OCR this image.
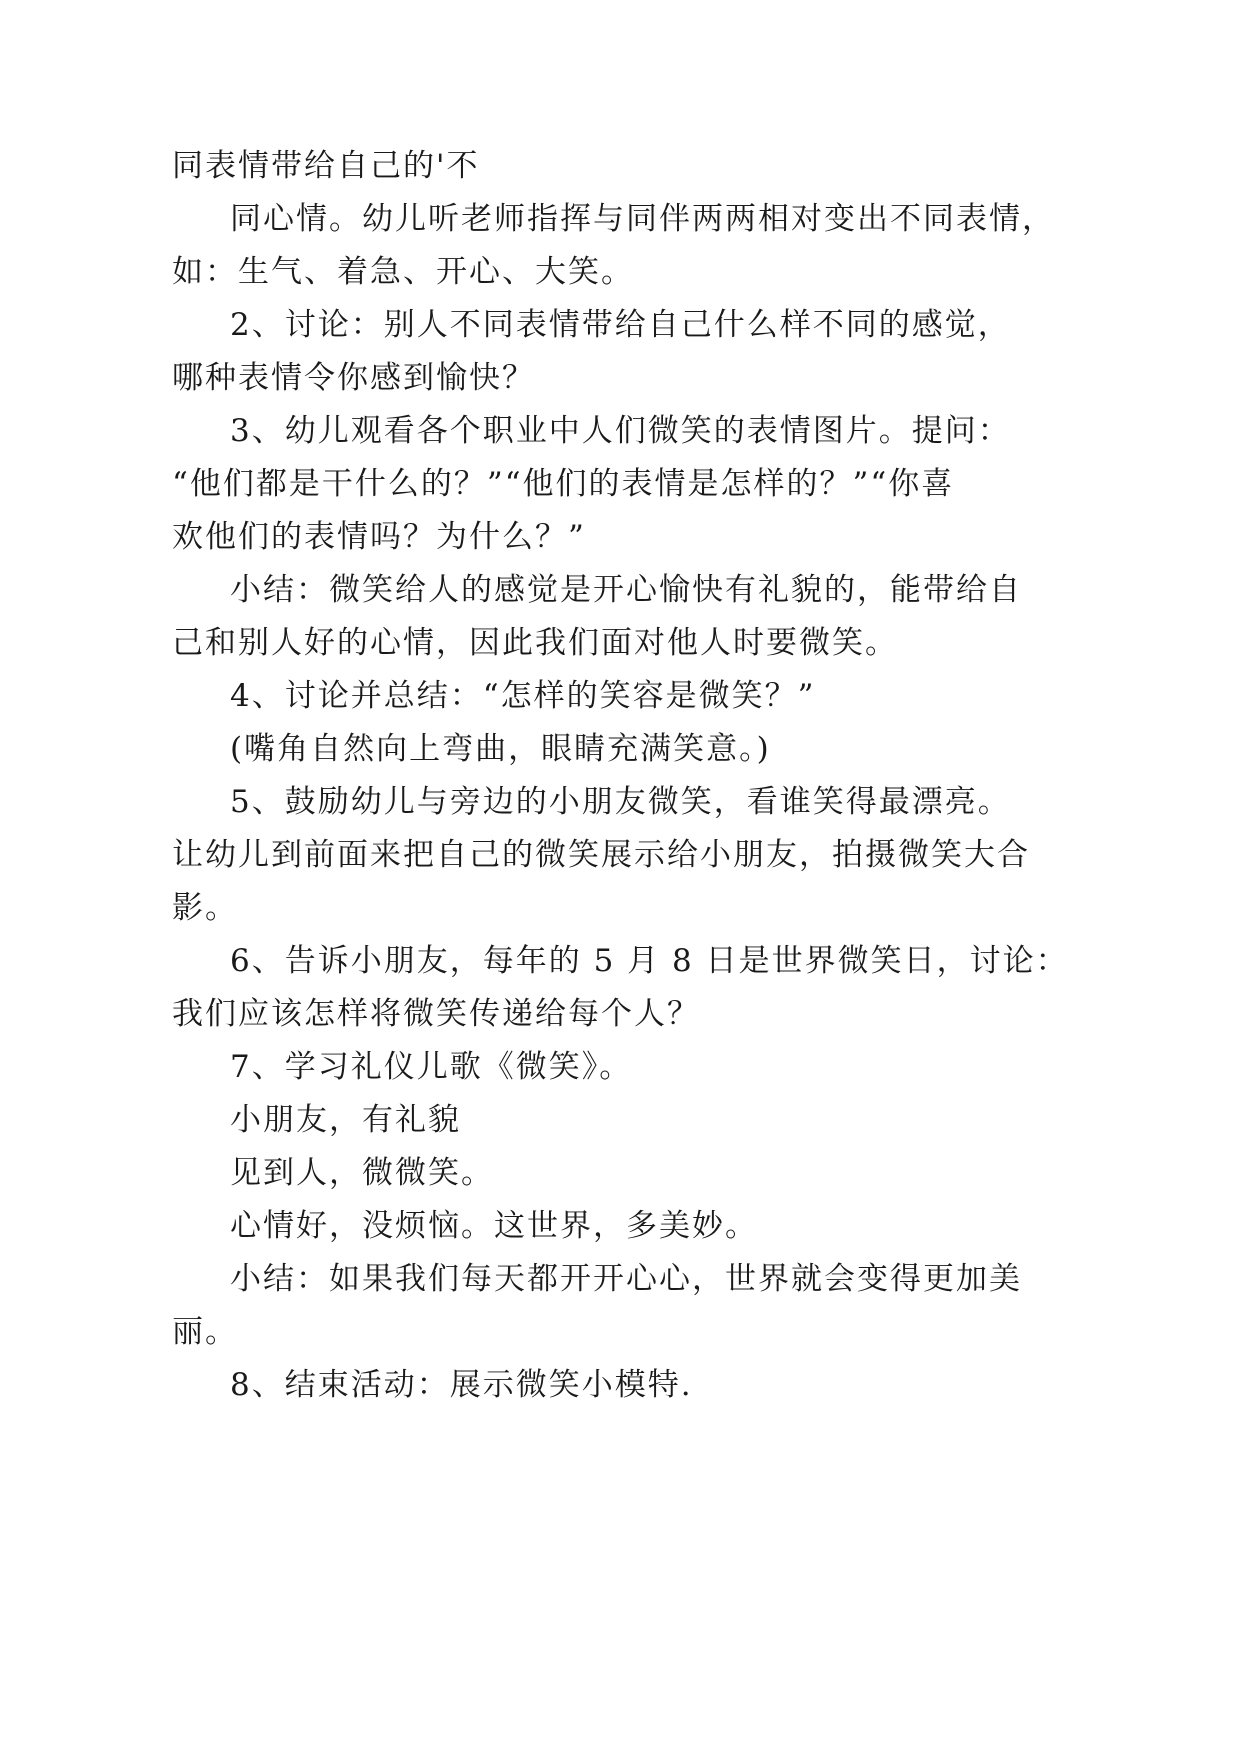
同表情带给自己的'不

同心情。幼儿听老师指挥与同伴两两相对变出不同表情，

如：生气、着急、开心、大笑。

2、讨论：别人不同表情带给自己什么样不同的感觉，

哪种表情令你感到愉快？

3、幼儿观看各个职业中人们微笑的表情图片。提问：

“他们都是干什么的？”“他们的表情是怎样的？”“你喜

欢他们的表情吗？为什么？”

小结：微笑给人的感觉是开心愉快有礼貌的，能带给自

己和别人好的心情，因此我们面对他人时要微笑。

4、讨论并总结：“怎样的笑容是微笑？”

(嘴角自然向上弯曲，眼睛充满笑意。)

5、鼓励幼儿与旁边的小朋友微笑，看谁笑得最漂亮。

让幼儿到前面来把自己的微笑展示给小朋友，拍摄微笑大合

影。

6、告诉小朋友，每年的 5 月 8 日是世界微笑日，讨论：

我们应该怎样将微笑传递给每个人？

7、学习礼仪儿歌《微笑》。

小朋友，有礼貌

见到人，微微笑。

心情好，没烦恼。这世界，多美妙。

小结：如果我们每天都开开心心，世界就会变得更加美

丽。

8、结束活动：展示微笑小模特.
